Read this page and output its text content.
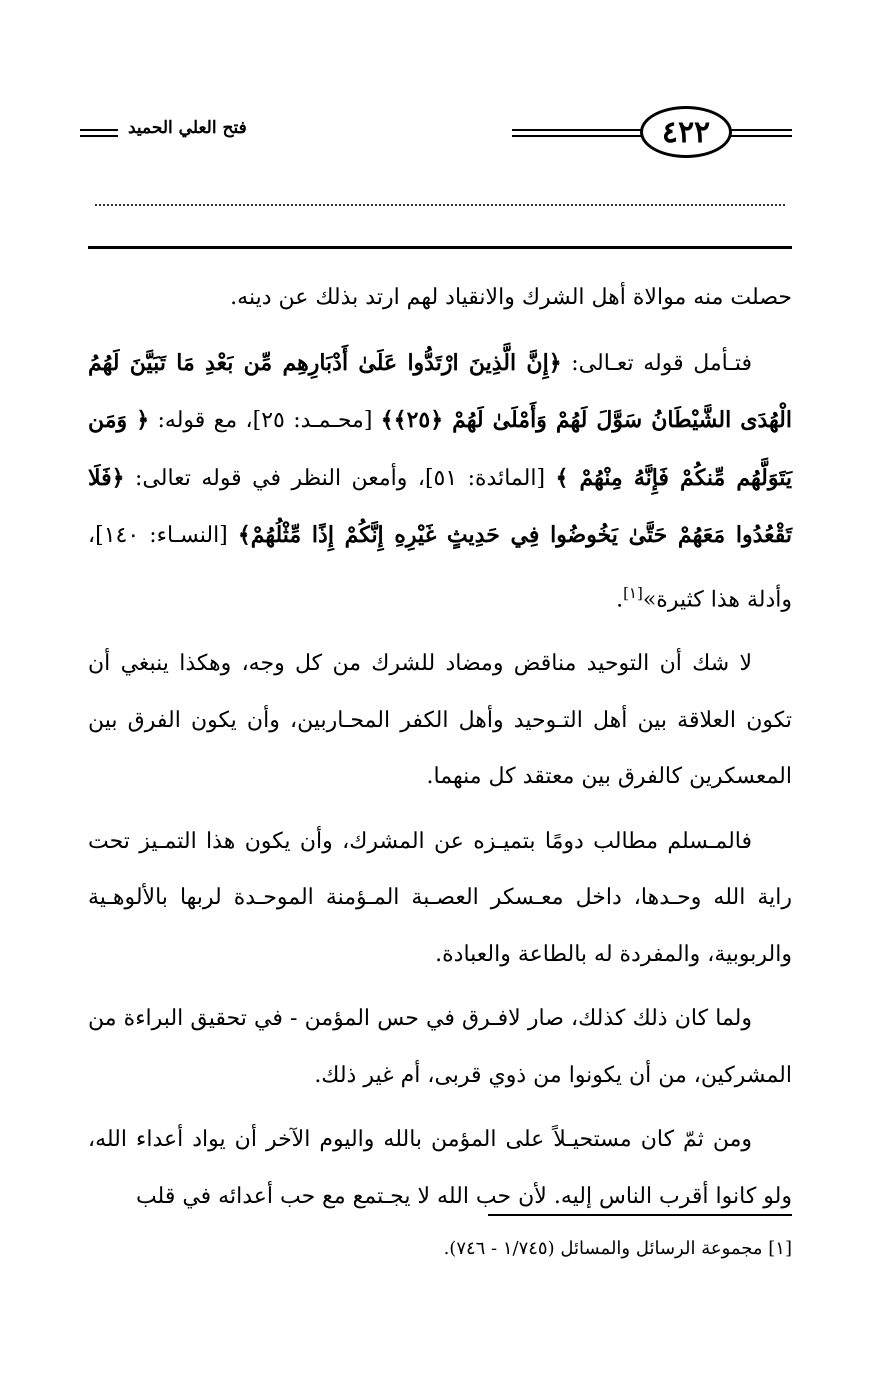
٤٢٢
فتح العلي الحميد

حصلت منه موالاة أهل الشرك والانقياد لهم ارتد بذلك عن دينه.

فتـأمل قوله تعـالى: ﴿إِنَّ الَّذِينَ ارْتَدُّوا عَلَىٰ أَدْبَارِهِم مِّن بَعْدِ مَا تَبَيَّنَ لَهُمُ الْهُدَى الشَّيْطَانُ سَوَّلَ لَهُمْ وَأَمْلَىٰ لَهُمْ ﴿٢٥﴾﴾ [محـمـد: ٢٥]، مع قوله: ﴿ وَمَن يَتَوَلَّهُم مِّنكُمْ فَإِنَّهُ مِنْهُمْ ﴾ [المائدة: ٥١]، وأمعن النظر في قوله تعالى: ﴿فَلَا تَقْعُدُوا مَعَهُمْ حَتَّىٰ يَخُوضُوا فِي حَدِيثٍ غَيْرِهِ إِنَّكُمْ إِذًا مِّثْلُهُمْ﴾ [النسـاء: ١٤٠]، وأدلة هذا كثيرة»[١].

لا شك أن التوحيد مناقض ومضاد للشرك من كل وجه، وهكذا ينبغي أن تكون العلاقة بين أهل التـوحيد وأهل الكفر المحـاربين، وأن يكون الفرق بين المعسكرين كالفرق بين معتقد كل منهما.

فالمـسلم مطالب دومًا بتميـزه عن المشرك، وأن يكون هذا التمـيز تحت راية الله وحـدها، داخل معـسكر العصـبة المـؤمنة الموحـدة لربها بالألوهـية والربوبية، والمفردة له بالطاعة والعبادة.

ولما كان ذلك كذلك، صار لافـرق في حس المؤمن - في تحقيق البراءة من المشركين، من أن يكونوا من ذوي قربى، أم غير ذلك.

ومن ثمّ كان مستحيـلاً على المؤمن بالله واليوم الآخر أن يواد أعداء الله، ولو كانوا أقرب الناس إليه. لأن حب الله لا يجـتمع مع حب أعدائه في قلب

[١] مجموعة الرسائل والمسائل (١/٧٤٥ - ٧٤٦).
